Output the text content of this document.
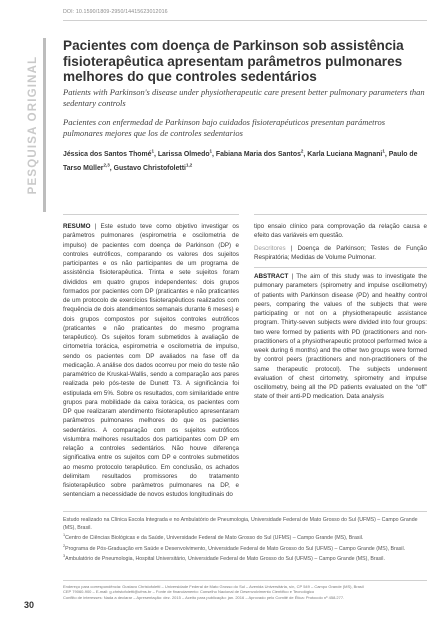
DOI: 10.1590/1809-2950/14415623012016
PESQUISA ORIGINAL
Pacientes com doença de Parkinson sob assistência fisioterapêutica apresentam parâmetros pulmonares melhores do que controles sedentários

Patients with Parkinson's disease under physiotherapeutic care present better pulmonary parameters than sedentary controls

Pacientes con enfermedad de Parkinson bajo cuidados fisioterapéuticos presentan parámetros pulmonares mejores que los de controles sedentarios

Jéssica dos Santos Thomé$^1$, Larissa Olmedo$^1$, Fabiana Maria dos Santos$^2$, Karla Luciana Magnani$^1$, Paulo de Tarso Müller$^{2,3}$, Gustavo Christofoletti$^{1,2}$
RESUMO | Este estudo teve como objetivo investigar os parâmetros pulmonares (espirometria e oscilometria de impulso) de pacientes com doença de Parkinson (DP) e controles eutróficos, comparando os valores dos sujeitos participantes e os não participantes de um programa de assistência fisioterapêutica. Trinta e sete sujeitos foram divididos em quatro grupos independentes: dois grupos formados por pacientes com DP (praticantes e não praticantes de um protocolo de exercícios fisioterapêuticos realizados com frequência de dois atendimentos semanais durante 6 meses) e dois grupos compostos por sujeitos controles eutróficos (praticantes e não praticantes do mesmo programa terapêutico). Os sujeitos foram submetidos à avaliação de cirtometria torácica, espirometria e oscilometria de impulso, sendo os pacientes com DP avaliados na fase off da medicação. A análise dos dados ocorreu por meio do teste não paramétrico de Kruskal-Wallis, sendo a comparação aos pares realizada pelo pós-teste de Dunett T3. A significância foi estipulada em 5%. Sobre os resultados, com similaridade entre grupos para mobilidade da caixa torácica, os pacientes com DP que realizaram atendimento fisioterapêutico apresentaram parâmetros pulmonares melhores do que os pacientes sedentários. A comparação com os sujeitos eutróficos vislumbra melhores resultados dos participantes com DP em relação a controles sedentários. Não houve diferença significativa entre os sujeitos com DP e controles submetidos ao mesmo protocolo terapêutico. Em conclusão, os achados delimitam resultados promissores do tratamento fisioterapêutico sobre parâmetros pulmonares na DP, e sentenciam a necessidade de novos estudos longitudinais do
tipo ensaio clínico para comprovação da relação causa e efeito das variáveis em questão.
Descritores | Doença de Parkinson; Testes de Função Respiratória; Medidas de Volume Pulmonar.
ABSTRACT | The aim of this study was to investigate the pulmonary parameters (spirometry and impulse oscillometry) of patients with Parkinson disease (PD) and healthy control peers, comparing the values of the subjects that were participating or not on a physiotherapeutic assistance program. Thirty-seven subjects were divided into four groups: two were formed by patients with PD (practitioners and non-practitioners of a physiotherapeutic protocol performed twice a week during 6 months) and the other two groups were formed by control peers (practitioners and non-practitioners of the same therapeutic protocol). The subjects underwent evaluation of chest cirtometry, spirometry and impulse oscillometry, being all the PD patients evaluated on the "off" state of their anti-PD medication. Data analysis
Estudo realizado na Clínica Escola Integrada e no Ambulatório de Pneumologia, Universidade Federal de Mato Grosso do Sul (UFMS) – Campo Grande (MS), Brasil.
$^1$Centro de Ciências Biológicas e da Saúde, Universidade Federal de Mato Grosso do Sul (UFMS) – Campo Grande (MS), Brasil.
$^2$Programa de Pós-Graduação em Saúde e Desenvolvimento, Universidade Federal de Mato Grosso do Sul (UFMS) – Campo Grande (MS), Brasil.
$^3$Ambulatório de Pneumologia, Hospital Universitário, Universidade Federal de Mato Grosso do Sul (UFMS) – Campo Grande (MS), Brasil.
Endereço para correspondência: Gustavo Christofoletti – Universidade Federal de Mato Grosso do Sul – Avenida Universitária, s/n, CP 549 – Campo Grande (MS), Brasil
CEP 79060-900 – E-mail: g.christofoletti@ufms.br – Fonte de financiamento: Conselho Nacional de Desenvolvimento Científico e Tecnológico
Conflito de interesses: Nada a declarar – Apresentação: dez. 2015 – Aceito para publicação: jan. 2016 – Aprovado pelo Comitê de Ética: Protocolo nº 458.277.
30
